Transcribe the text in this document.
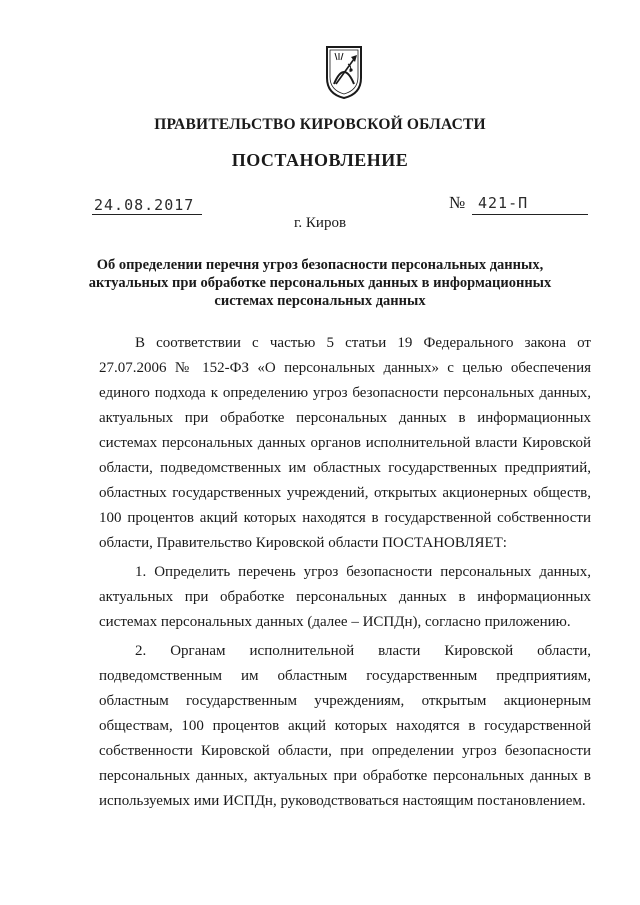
ПРАВИТЕЛЬСТВО КИРОВСКОЙ ОБЛАСТИ
ПОСТАНОВЛЕНИЕ
24.08.2017	№ 421-П
г. Киров
Об определении перечня угроз безопасности персональных данных,
актуальных при обработке персональных данных в информационных
системах персональных данных

В соответствии с частью 5 статьи 19 Федерального закона от 27.07.2006 № 152-ФЗ «О персональных данных» с целью обеспечения единого подхода к определению угроз безопасности персональных данных, актуальных при обработке персональных данных в информационных системах персональных данных органов исполнительной власти Кировской области, подведомственных им областных государственных предприятий, областных государственных учреждений, открытых акционерных обществ, 100 процентов акций которых находятся в государственной собственности области, Правительство Кировской области ПОСТАНОВЛЯЕТ:

1. Определить перечень угроз безопасности персональных данных, актуальных при обработке персональных данных в информационных системах персональных данных (далее – ИСПДн), согласно приложению.

2. Органам исполнительной власти Кировской области, подведомственным им областным государственным предприятиям, областным государственным учреждениям, открытым акционерным обществам, 100 процентов акций которых находятся в государственной собственности Кировской области, при определении угроз безопасности персональных данных, актуальных при обработке персональных данных в используемых ими ИСПДн, руководствоваться настоящим постановлением.
